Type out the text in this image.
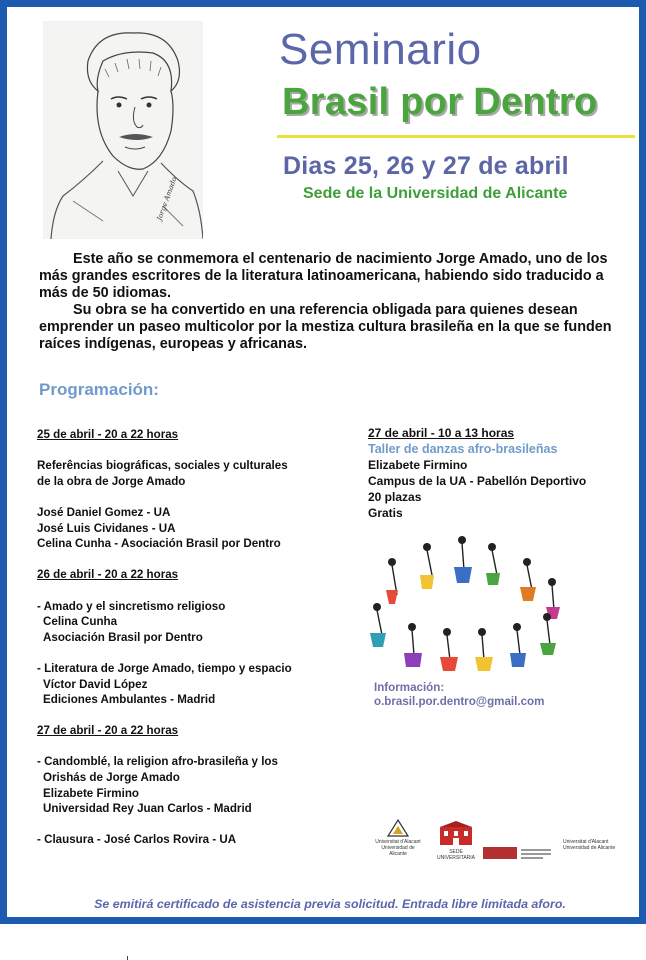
Jorge Amado
Seminario
Brasil por Dentro
Dias 25, 26 y 27 de abril
Sede de la Universidad de Alicante

Este año se conmemora el centenario de nacimiento Jorge Amado, uno de los más grandes escritores de la literatura latinoamericana, habiendo sido traducido a más de 50 idiomas.

Su obra se ha convertido en una referencia obligada para quienes desean emprender un paseo multicolor por la mestiza cultura brasileña en la que se funden raíces indígenas, europeas y africanas.

Programación:
25 de abril - 20 a 22 horas
Referências biográficas, sociales y culturales
de la obra de Jorge Amado
José Daniel Gomez - UA
José Luis Cividanes - UA
Celina Cunha - Asociación Brasil por Dentro
26 de abril - 20 a 22 horas
- Amado y el sincretismo religioso
Celina Cunha
Asociación Brasil por Dentro
- Literatura de Jorge Amado, tiempo y espacio
Víctor David López
Ediciones Ambulantes - Madrid
27 de abril - 20 a 22 horas
- Candomblé, la religion afro-brasileña y los
Orishás de Jorge Amado
Elizabete Firmino
Universidad Rey Juan Carlos - Madrid
- Clausura - José Carlos Rovira - UA
27 de abril - 10 a 13 horas
Taller de danzas afro-brasileñas
Elizabete Firmino
Campus de la UA - Pabellón Deportivo
20 plazas
Gratis
Información:
o.brasil.por.dentro@gmail.com
Universitat d'Alacant
Universidad de Alicante	SEDE UNIVERSITARIA
Universitat d'Alacant
Universidad de Alicante
Se emitirá certificado de asistencia previa solicitud. Entrada libre limitada aforo.
